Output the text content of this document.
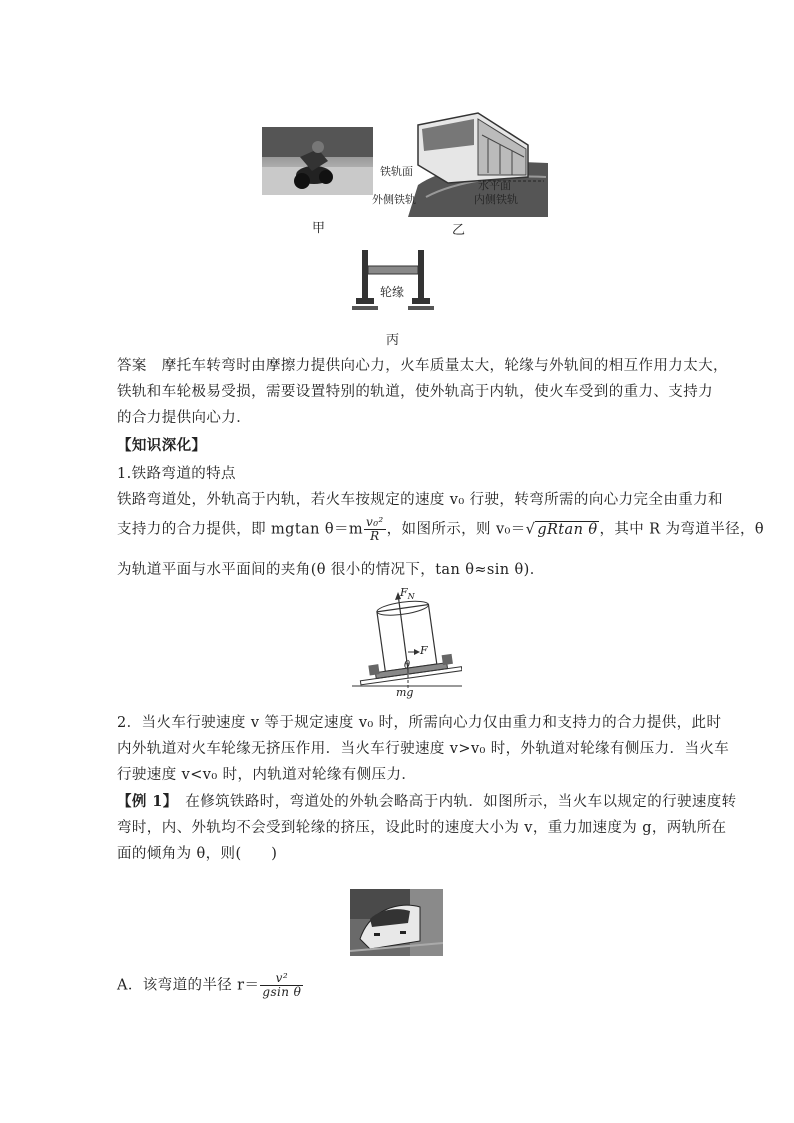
铁轨面
水平面
外侧铁轨	内侧铁轨
甲	乙
轮缘
丙
答案　摩托车转弯时由摩擦力提供向心力，火车质量太大，轮缘与外轨间的相互作用力太大，
铁轨和车轮极易受损，需要设置特别的轨道，使外轨高于内轨，使火车受到的重力、支持力
的合力提供向心力．
【知识深化】
1.铁路弯道的特点
铁路弯道处，外轨高于内轨，若火车按规定的速度 v₀ 行驶，转弯所需的向心力完全由重力和
支持力的合力提供，即 mgtan $\theta=m \frac{\text{v₀²}}{R}$ ，如图所示，则 v₀＝√ gRtan θ ，其中 R 为弯道半径，θ
为轨道平面与水平面间的夹角(θ 很小的情况下，tan θ≈sin θ)．
$F_N$
F
θ
mg
2．当火车行驶速度 v 等于规定速度 v₀ 时，所需向心力仅由重力和支持力的合力提供，此时
内外轨道对火车轮缘无挤压作用．当火车行驶速度 v>v₀ 时，外轨道对轮缘有侧压力．当火车
行驶速度 v<v₀ 时，内轨道对轮缘有侧压力．
【例 1】　在修筑铁路时，弯道处的外轨会略高于内轨．如图所示，当火车以规定的行驶速度转
弯时，内、外轨均不会受到轮缘的挤压，设此时的速度大小为 v，重力加速度为 g，两轨所在
面的倾角为 θ，则(　　)
A．该弯道的半径 $r= \frac{\text{v²}}{\text{gsin θ}}$
